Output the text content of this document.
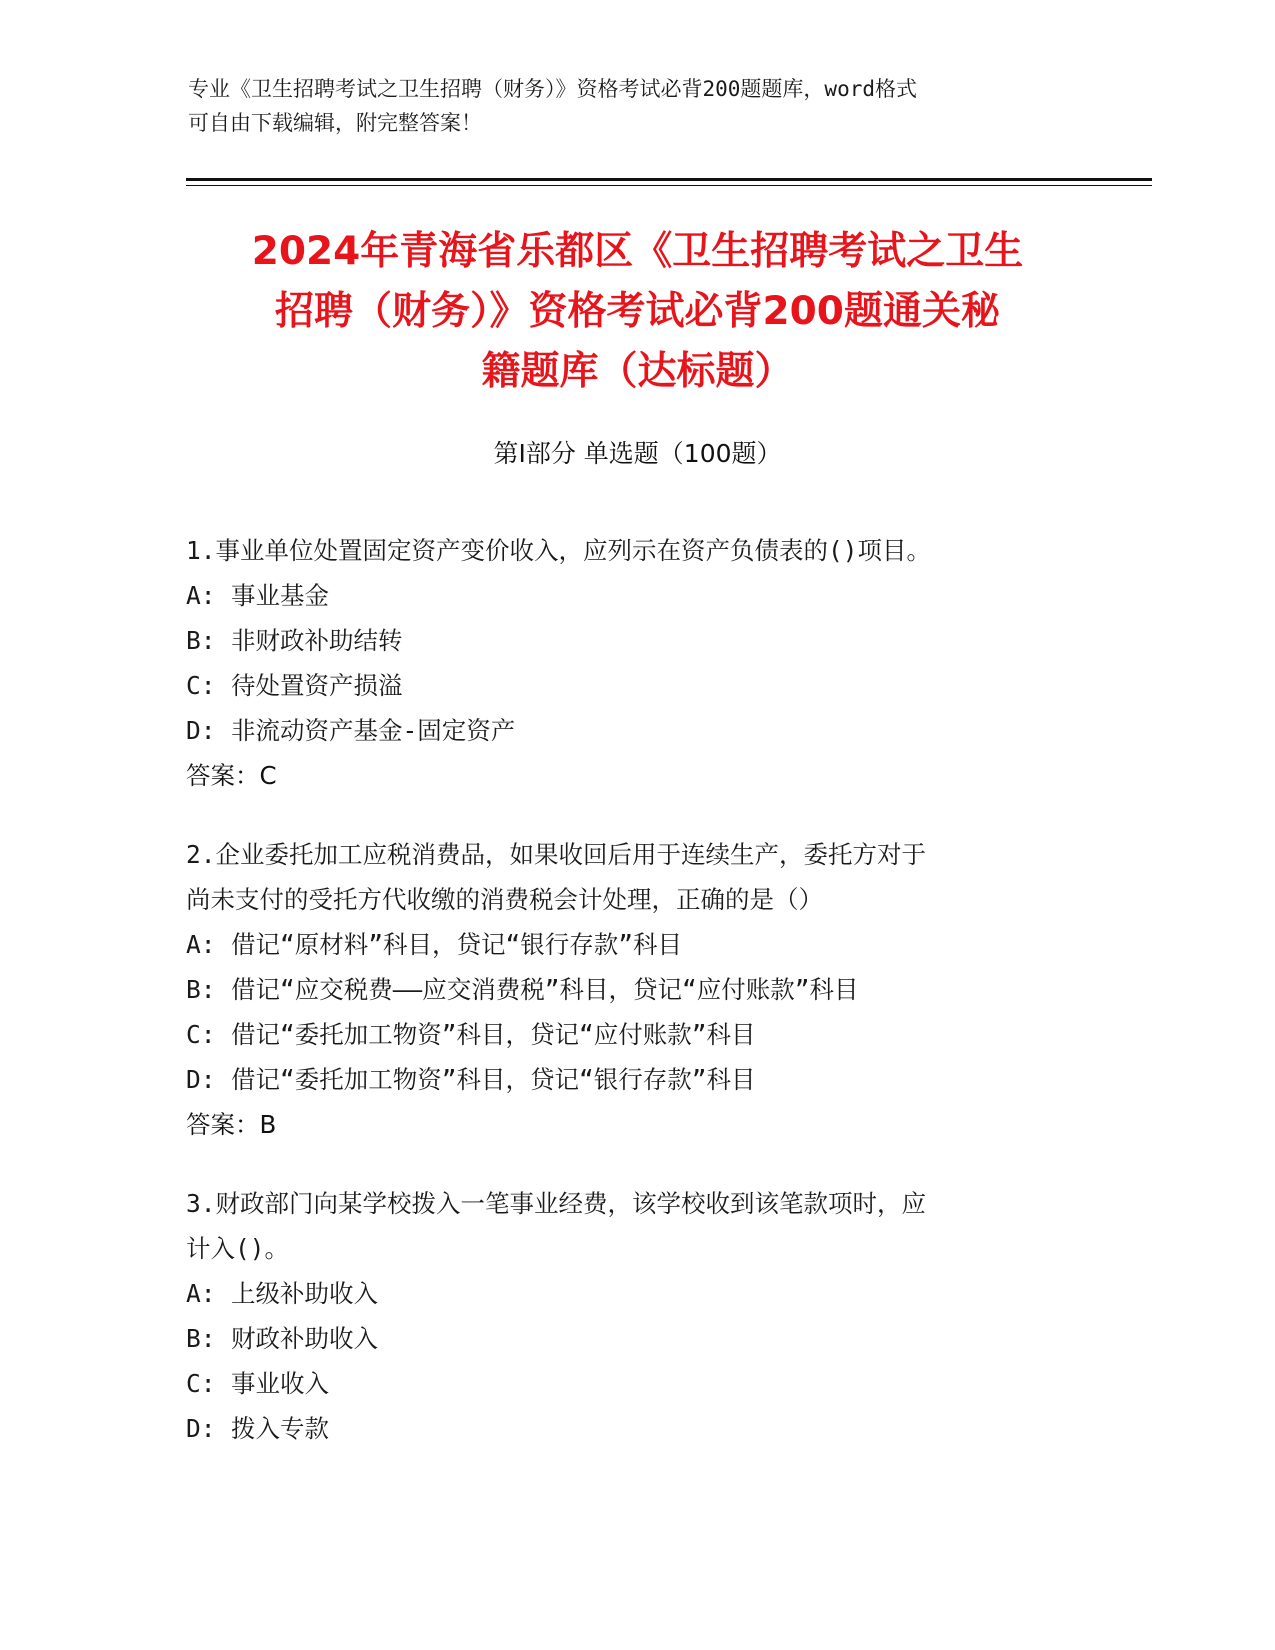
专业《卫生招聘考试之卫生招聘（财务）》资格考试必背200题题库，word格式
可自由下载编辑，附完整答案！
2024年青海省乐都区《卫生招聘考试之卫生
招聘（财务）》资格考试必背200题通关秘
籍题库（达标题）
第I部分 单选题（100题）
1.事业单位处置固定资产变价收入，应列示在资产负债表的()项目。
A: 事业基金
B: 非财政补助结转
C: 待处置资产损溢
D: 非流动资产基金-固定资产
答案：C
2.企业委托加工应税消费品，如果收回后用于连续生产，委托方对于
尚未支付的受托方代收缴的消费税会计处理，正确的是（）
A: 借记“原材料”科目，贷记“银行存款”科目
B: 借记“应交税费——应交消费税”科目，贷记“应付账款”科目
C: 借记“委托加工物资”科目，贷记“应付账款”科目
D: 借记“委托加工物资”科目，贷记“银行存款”科目
答案：B
3.财政部门向某学校拨入一笔事业经费，该学校收到该笔款项时，应
计入()。
A: 上级补助收入
B: 财政补助收入
C: 事业收入
D: 拨入专款
